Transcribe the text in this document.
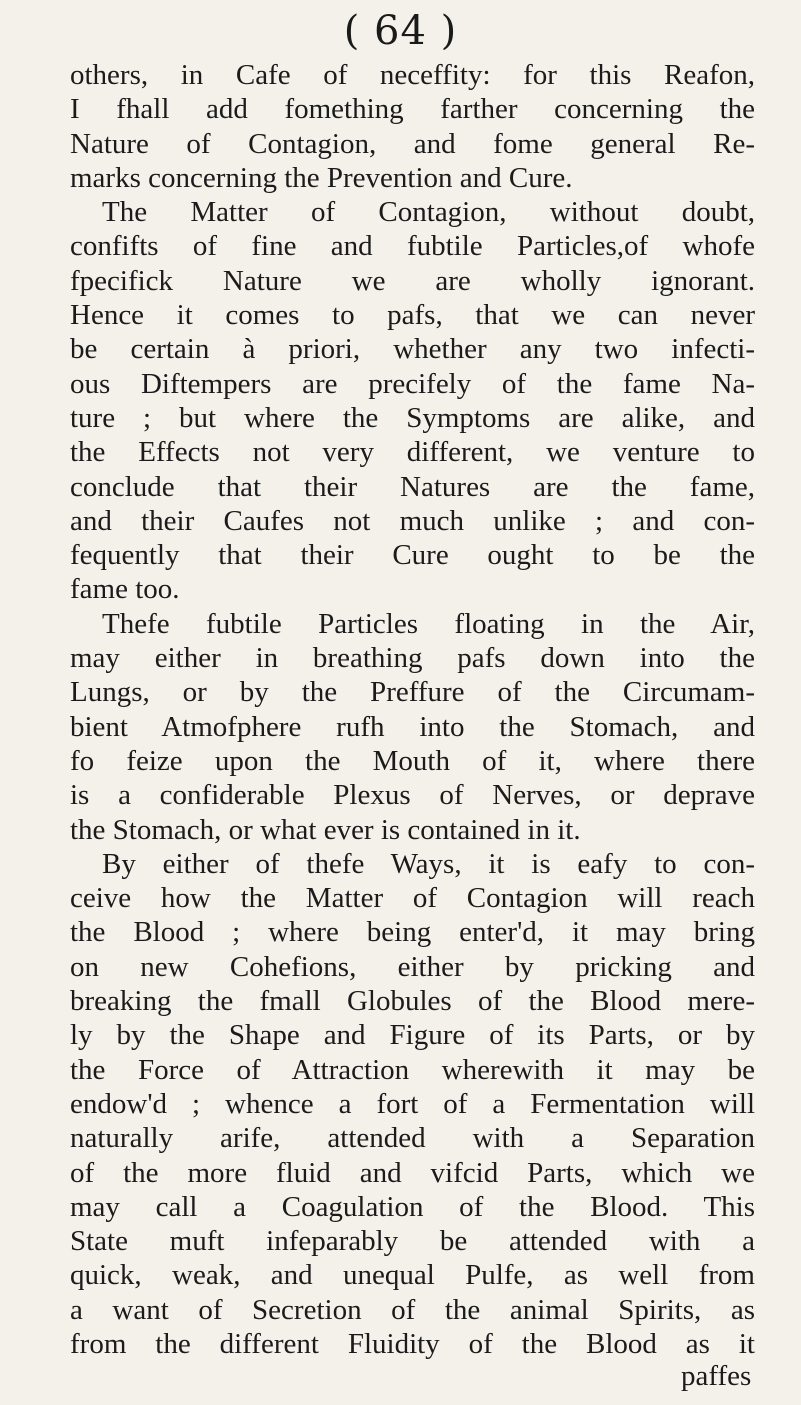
( 64 )
others, in Cafe of neceffity: for this Reafon,
I fhall add fomething farther concerning the
Nature of Contagion, and fome general Re-
marks concerning the Prevention and Cure.
The Matter of Contagion, without doubt,
confifts of fine and fubtile Particles,of whofe
fpecifick Nature we are wholly ignorant.
Hence it comes to pafs, that we can never
be certain à priori, whether any two infecti-
ous Diftempers are precifely of the fame Na-
ture ; but where the Symptoms are alike, and
the Effects not very different, we venture to
conclude that their Natures are the fame,
and their Caufes not much unlike ; and con-
fequently that their Cure ought to be the
fame too.
Thefe fubtile Particles floating in the Air,
may either in breathing pafs down into the
Lungs, or by the Preffure of the Circumam-
bient Atmofphere rufh into the Stomach, and
fo feize upon the Mouth of it, where there
is a confiderable Plexus of Nerves, or deprave
the Stomach, or what ever is contained in it.
By either of thefe Ways, it is eafy to con-
ceive how the Matter of Contagion will reach
the Blood ; where being enter'd, it may bring
on new Cohefions, either by pricking and
breaking the fmall Globules of the Blood mere-
ly by the Shape and Figure of its Parts, or by
the Force of Attraction wherewith it may be
endow'd ; whence a fort of a Fermentation will
naturally arife, attended with a Separation
of the more fluid and vifcid Parts, which we
may call a Coagulation of the Blood. This
State muft infeparably be attended with a
quick, weak, and unequal Pulfe, as well from
a want of Secretion of the animal Spirits, as
from the different Fluidity of the Blood as it
paffes
